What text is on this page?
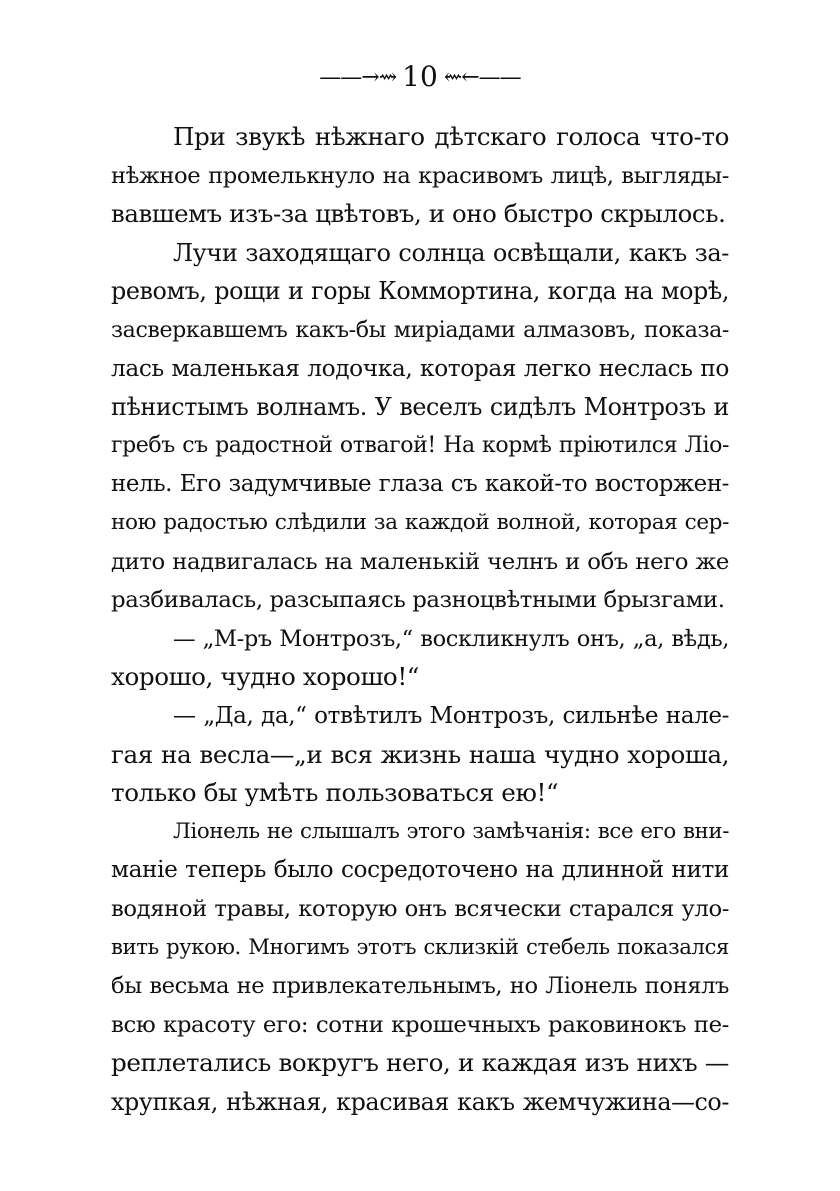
——→⇝ 10 ⇜←——
При звукѣ нѣжнаго дѣтскаго голоса что-то
нѣжное промелькнуло на красивомъ лицѣ, выгляды-
вавшемъ изъ-за цвѣтовъ, и оно быстро скрылось.
Лучи заходящаго солнца освѣщали, какъ за-
ревомъ, рощи и горы Коммортина, когда на морѣ,
засверкавшемъ какъ-бы миріадами алмазовъ, показа-
лась маленькая лодочка, которая легко неслась по
пѣнистымъ волнамъ. У веселъ сидѣлъ Монтрозъ и
гребъ съ радостной отвагой! На кормѣ пріютился Ліо-
нель. Его задумчивые глаза съ какой-то восторжен-
ною радостью слѣдили за каждой волной, которая сер-
дито надвигалась на маленькій челнъ и объ него же
разбивалась, разсыпаясь разноцвѣтными брызгами.
— „М-ръ Монтрозъ,“ воскликнулъ онъ, „а, вѣдь,
хорошо, чудно хорошо!“
— „Да, да,“ отвѣтилъ Монтрозъ, сильнѣе нале-
гая на весла—„и вся жизнь наша чудно хороша,
только бы умѣть пользоваться ею!“
Ліонель не слышалъ этого замѣчанія: все его вни-
маніе теперь было сосредоточено на длинной нити
водяной травы, которую онъ всячески старался уло-
вить рукою. Многимъ этотъ склизкій стебель показался
бы весьма не привлекательнымъ, но Ліонель понялъ
всю красоту его: сотни крошечныхъ раковинокъ пе-
реплетались вокругъ него, и каждая изъ нихъ —
хрупкая, нѣжная, красивая какъ жемчужина—со-
